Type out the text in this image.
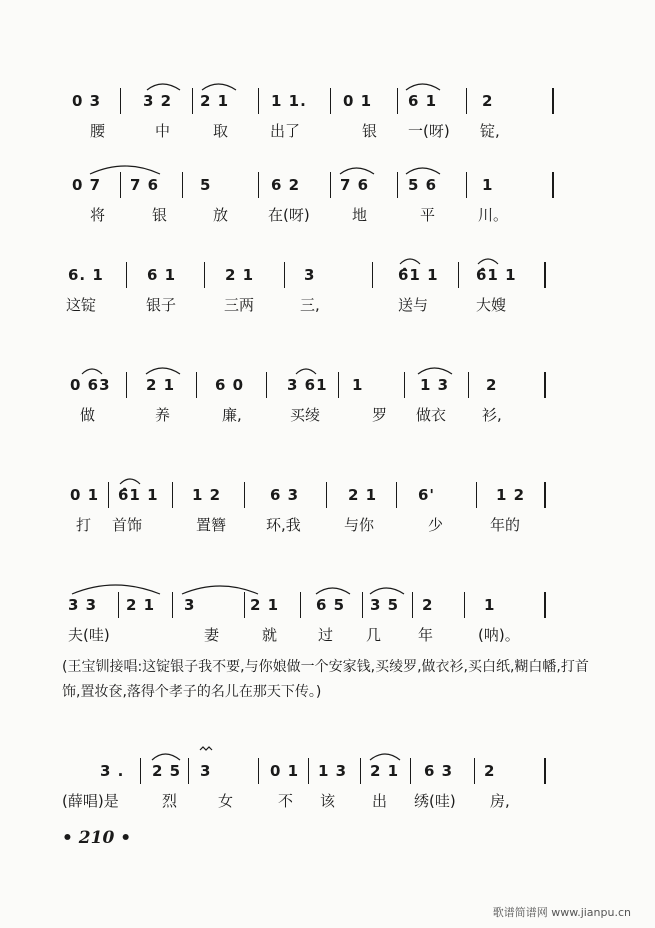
0 3	3 2 2 1	1 1. 0 1 6 1	2
腰	中	取	出了	银 一(呀) 锭,
0 7 7 6	5	6 2	7 6	5 6	1
将	银	放	在(呀)	地	平	川。
6. 1	6 1	2 1	3	6̂1 1 6̂1 1
这锭	银子	三两	三,	送与	大嫂
0 63 2 1	6 0	3 61 1	1 3 2
做	养	廉,	买绫	罗 做衣 衫,
0 1 6̂1 1 1 2	6 3	2 1	6'	1 2
打 首饰	置簪	环,我	与你	少	年的
3 3 2 1 3	2 1 6 5 3 5 2	1
夫(哇)	妻	就	过 几 年	(呐)。
(王宝钏接唱:这锭银子我不要,与你娘做一个安家钱,买绫罗,做衣衫,买白纸,糊白幡,打首饰,置妆奁,落得个孝子的名儿在那天下传。)
3 . 2 5 3	0 1 1 3 2 1 6 3 2
(薛唱)是	烈	女	不 该 出 绣(哇) 房,
• 210 •
歌谱简谱网 www.jianpu.cn
